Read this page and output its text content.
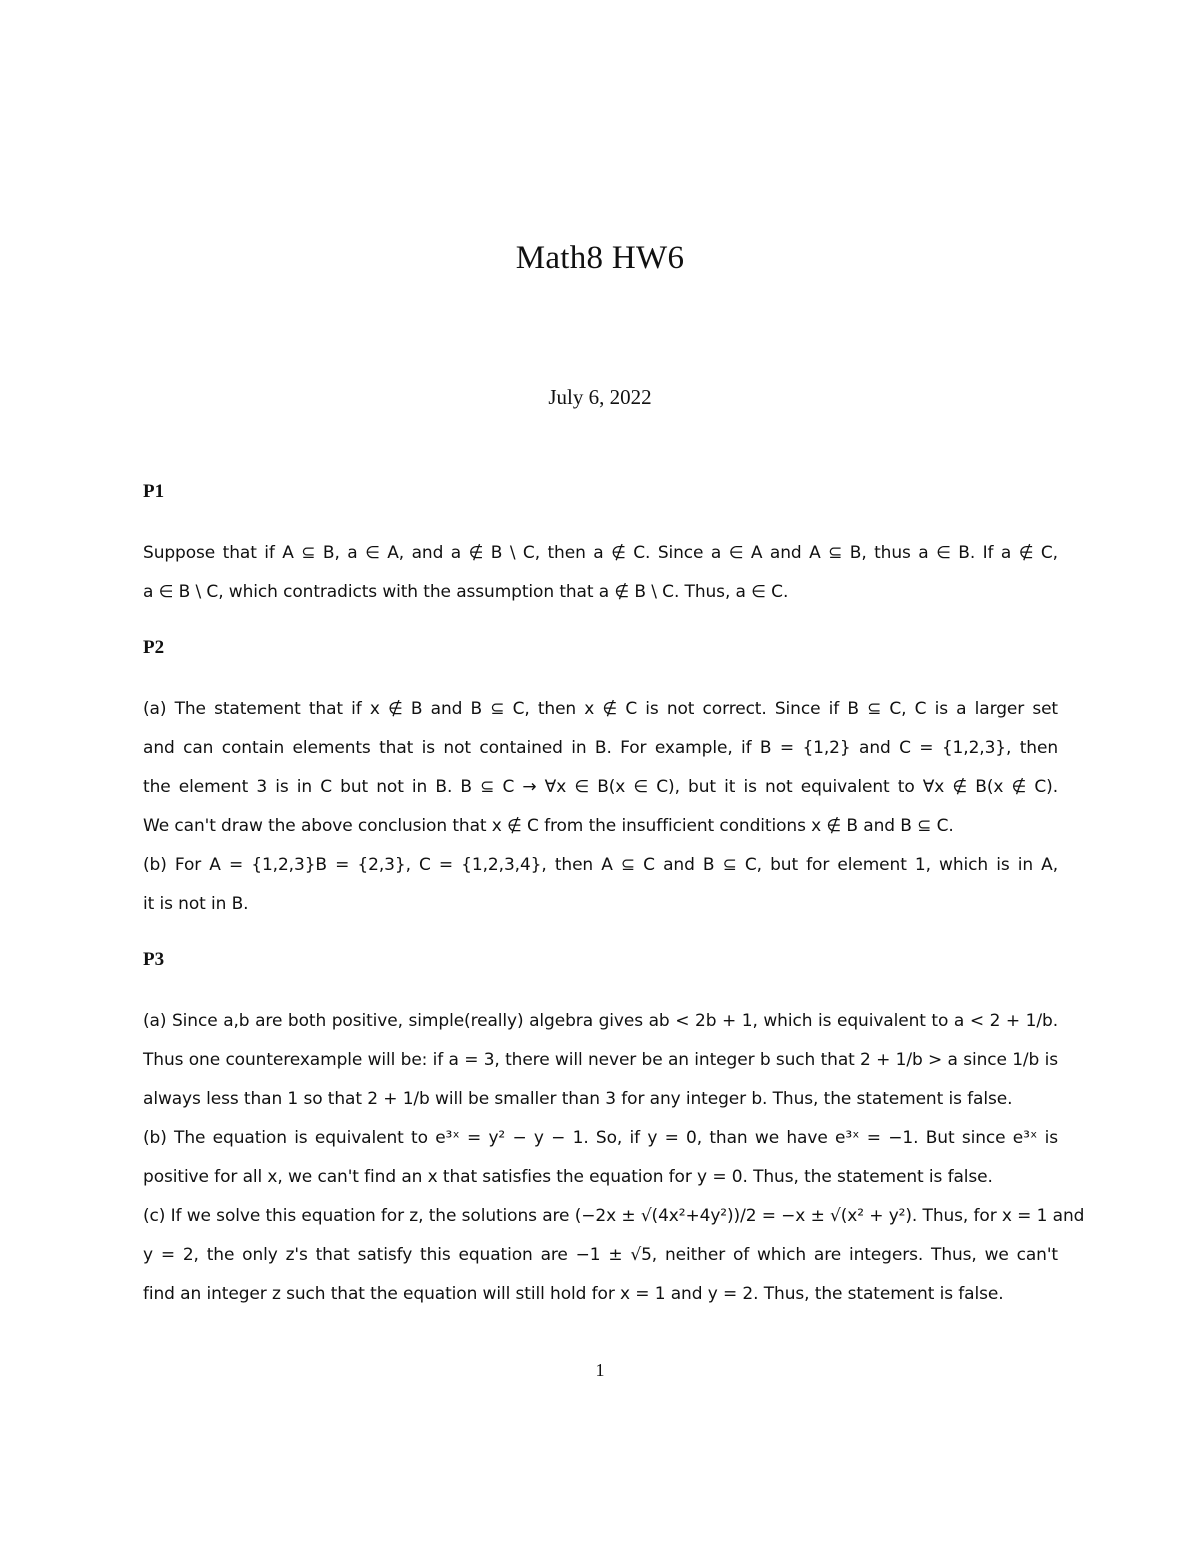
Math8 HW6
July 6, 2022
P1
Suppose that if A ⊆ B, a ∈ A, and a ∉ B \ C, then a ∉ C. Since a ∈ A and A ⊆ B, thus a ∈ B. If a ∉ C,
a ∈ B \ C, which contradicts with the assumption that a ∉ B \ C. Thus, a ∈ C.
P2
(a) The statement that if x ∉ B and B ⊆ C, then x ∉ C is not correct. Since if B ⊆ C, C is a larger set
and can contain elements that is not contained in B. For example, if B = {1,2} and C = {1,2,3}, then
the element 3 is in C but not in B. B ⊆ C → ∀x ∈ B(x ∈ C), but it is not equivalent to ∀x ∉ B(x ∉ C).
We can't draw the above conclusion that x ∉ C from the insufficient conditions x ∉ B and B ⊆ C.
(b) For A = {1,2,3}B = {2,3}, C = {1,2,3,4}, then A ⊆ C and B ⊆ C, but for element 1, which is in A,
it is not in B.
P3
(a) Since a,b are both positive, simple(really) algebra gives ab < 2b + 1, which is equivalent to a < 2 + 1/b.
Thus one counterexample will be: if a = 3, there will never be an integer b such that 2 + 1/b > a since 1/b is
always less than 1 so that 2 + 1/b will be smaller than 3 for any integer b. Thus, the statement is false.
(b) The equation is equivalent to e³ˣ = y² − y − 1. So, if y = 0, than we have e³ˣ = −1. But since e³ˣ is
positive for all x, we can't find an x that satisfies the equation for y = 0. Thus, the statement is false.
(c) If we solve this equation for z, the solutions are (−2x ± √(4x²+4y²))/2 = −x ± √(x² + y²). Thus, for x = 1 and
y = 2, the only z's that satisfy this equation are −1 ± √5, neither of which are integers. Thus, we can't
find an integer z such that the equation will still hold for x = 1 and y = 2. Thus, the statement is false.
1
